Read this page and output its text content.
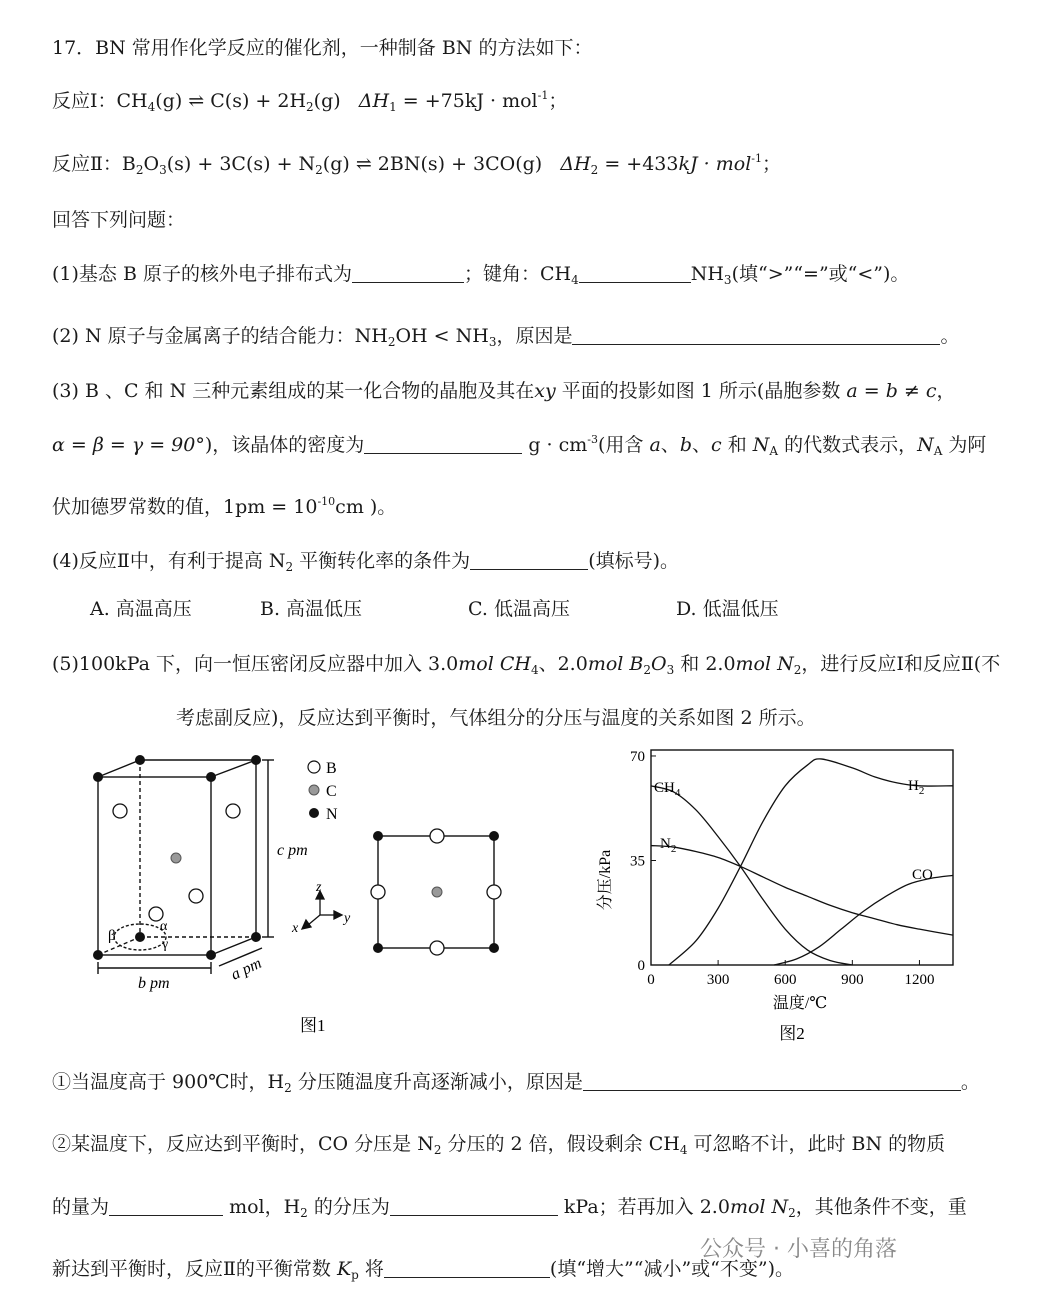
17．BN 常用作化学反应的催化剂，一种制备 BN 的方法如下：
反应Ⅰ：$CH_4(g)$ ⇌ $C(s) + 2H_2(g) \Delta H_1 = +75kJ \cdot mol^{-1}$；
反应Ⅱ：$B_2O_3(s) + 3C(s) + N_2(g)$ ⇌ 2BN(s) + 3CO(g) $\Delta H_2 = +433kJ \cdot mol^{-1}$；
回答下列问题：
(1)基态 B 原子的核外电子排布式为	；键角：$CH_4$	$NH_3$(填“>”“=”或“<”)。
(2) N 原子与金属离子的结合能力：$NH_2OH < NH_3$，原因是	。
(3) B 、C 和 N 三种元素组成的某一化合物的晶胞及其在xy 平面的投影如图 1 所示(晶胞参数 a = b ≠ c，
α = β = γ = 90°)，该晶体的密度为	$g \cdot cm^{-3}$(用含 a、b、c 和 $N_A$ 的代数式表示，$N_A$ 为阿
伏加德罗常数的值，$1pm = 10^{-10}cm$ )。
(4)反应Ⅱ中，有利于提高 $N_2$ 平衡转化率的条件为	(填标号)。
A. 高温高压	B. 高温低压	C. 低温高压	D. 低温低压
(5)100kPa 下，向一恒压密闭反应器中加入 3.0mol $CH_4$、2.0mol $B_2O_3$ 和 2.0mol $N_2$，进行反应Ⅰ和反应Ⅱ(不
考虑副反应)，反应达到平衡时，气体组分的分压与温度的关系如图 2 所示。
B
C
N
c pm
b pm	a pm
β
α
γ
z
y
x
图1
0	300	600	900	1200
0
35
70
$CH_4$
$N_2$
$H_2$
CO
分压/kPa
温度/℃
图2
①当温度高于 900℃时，$H_2$ 分压随温度升高逐渐减小，原因是	。
②某温度下，反应达到平衡时，CO 分压是 $N_2$ 分压的 2 倍，假设剩余 $CH_4$ 可忽略不计，此时 BN 的物质
的量为	mol，$H_2$ 的分压为	kPa；若再加入 2.0mol $N_2$，其他条件不变，重
新达到平衡时，反应Ⅱ的平衡常数 $K_p$ 将	(填“增大”“减小”或“不变”)。
公众号 · 小喜的角落
